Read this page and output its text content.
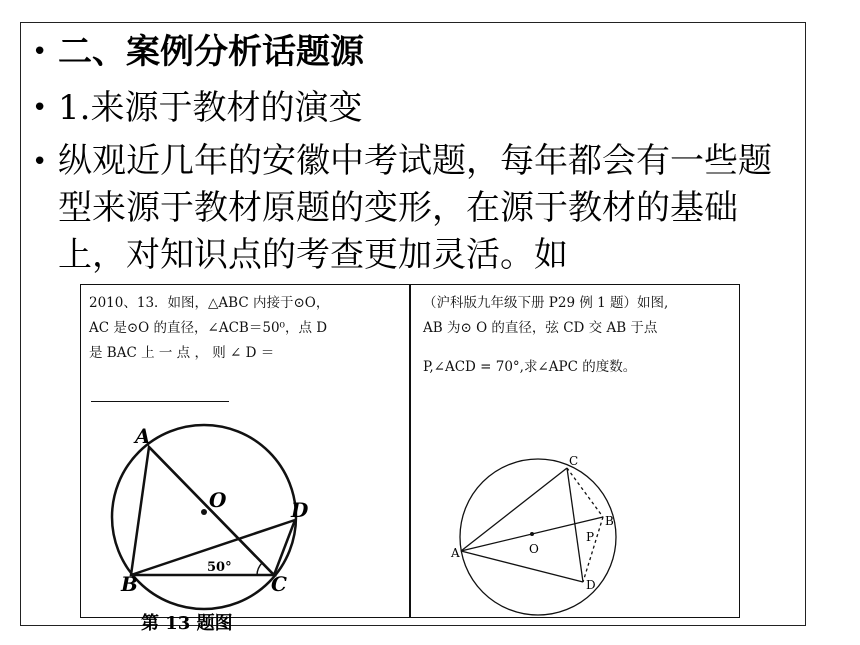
• 二、案例分析话题源
• 1.来源于教材的演变
• 纵观近几年的安徽中考试题，每年都会有一些题型来源于教材原题的变形，在源于教材的基础上，对知识点的考查更加灵活。如
2010、13．如图，△ABC 内接于⊙O，
AC 是⊙O 的直径，∠ACB＝50⁰，点 D
是 BAC 上 一 点 ， 则 ∠ D ＝
A
O	D
B	C
50°
第 13 题图
（沪科版九年级下册 P29 例 1 题）如图,
AB 为⊙ O 的直径，弦 CD 交 AB 于点
P,∠ACD = 70°,求∠APC 的度数。
A
C
B
P
O
D
